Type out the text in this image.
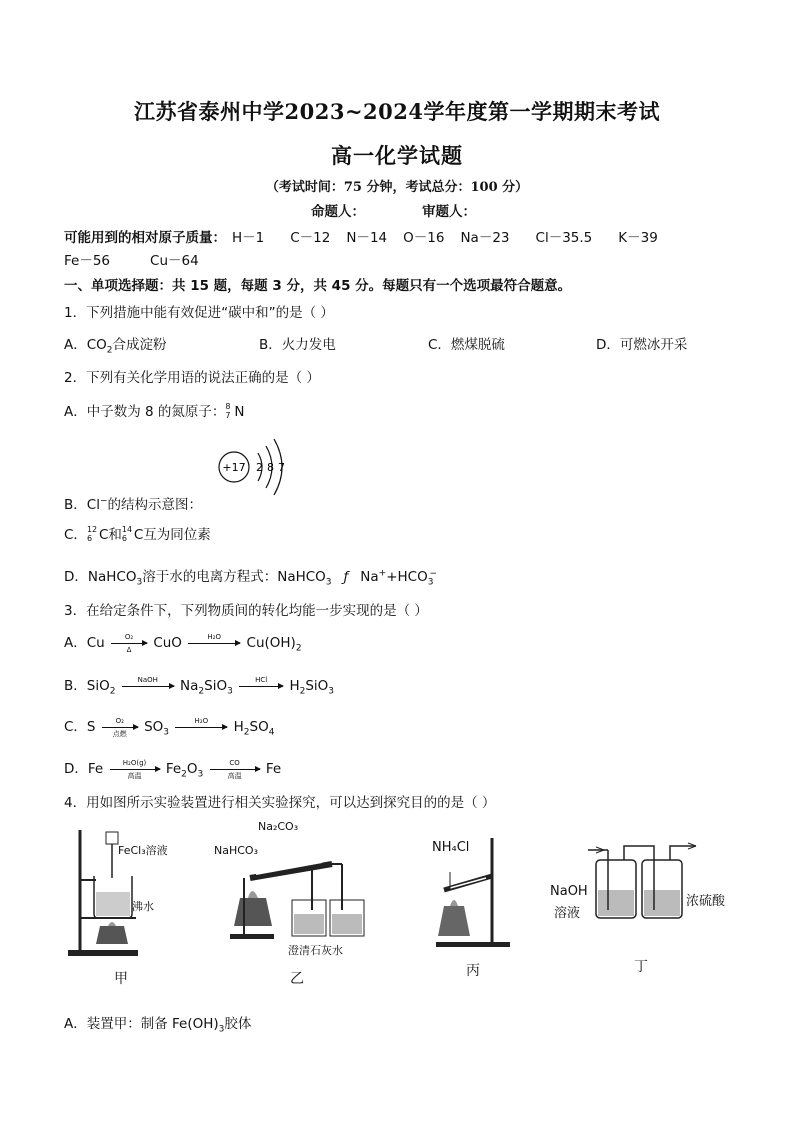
江苏省泰州中学2023~2024学年度第一学期期末考试
高一化学试题
（考试时间：75 分钟，考试总分：100 分）
命题人：	审题人：
可能用到的相对原子质量： H－1 C－12 N－14 O－16 Na－23 Cl－35.5 K－39
Fe－56	Cu－64
一、单项选择题：共 15 题，每题 3 分，共 45 分。每题只有一个选项最符合题意。
1．下列措施中能有效促进“碳中和”的是（ ）
A．$CO_2$合成淀粉	B．火力发电	C．燃煤脱硫	D．可燃冰开采
2．下列有关化学用语的说法正确的是（ ）
A．中子数为 8 的氮原子： 8
7 N
+17 2 8 7
B．Cl−的结构示意图：
C． 12
6 C和 14
6 C互为同位素
D．NaHCO$_3$溶于水的电离方程式：NaHCO$_3$ ƒ $Na^++HCO_3^-$
3．在给定条件下，下列物质间的转化均能一步实现的是（ ）
A．Cu $\frac{\text{O₂}}{\Delta}$ CuO	H₂O	$Cu(OH)_2$
B．SiO$_2$
NaOH	$Na_2SiO_3$
HCl	$H_2SiO_3$
C．S	O₂
点燃	$SO_3$
H₂O	$H_2SO_4$
D．Fe	H₂O(g)
高温	$Fe_2O_3$
CO
高温	Fe
4．用如图所示实验装置进行相关实验探究，可以达到探究目的的是（ ）
FeCl₃溶液
沸水
甲
Na₂CO₃
NaHCO₃
澄清石灰水
乙
NH₄Cl
丙
NaOH
溶液
浓硫酸
丁
A．装置甲：制备 $Fe(OH)_3$胶体
